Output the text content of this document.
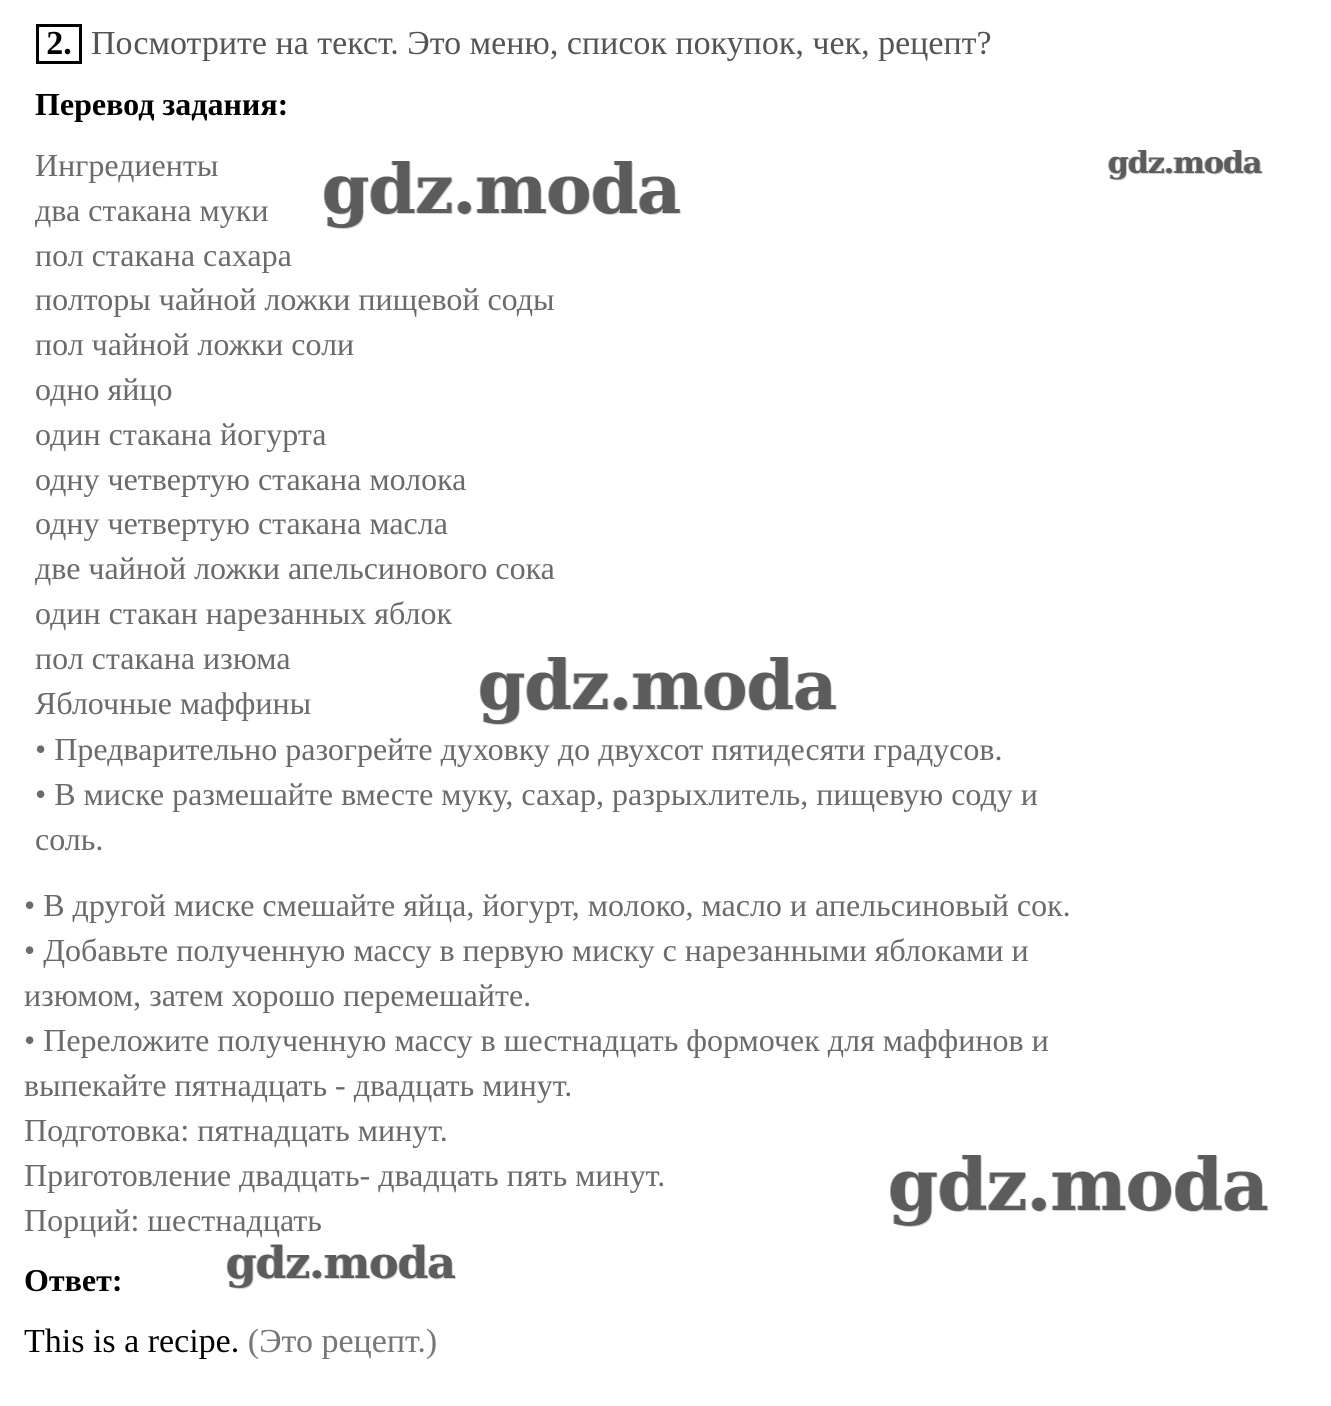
2. Посмотрите на текст. Это меню, список покупок, чек, рецепт?
Перевод задания:
Ингредиенты
два стакана муки
пол стакана сахара
полторы чайной ложки пищевой соды
пол чайной ложки соли
одно яйцо
один стакана йогурта
одну четвертую стакана молока
одну четвертую стакана масла
две чайной ложки апельсинового сока
один стакан нарезанных яблок
пол стакана изюма
Яблочные маффины
• Предварительно разогрейте духовку до двухсот пятидесяти градусов.
• В миске размешайте вместе муку, сахар, разрыхлитель, пищевую соду и
соль.
• В другой миске смешайте яйца, йогурт, молоко, масло и апельсиновый сок.
• Добавьте полученную массу в первую миску с нарезанными яблоками и
изюмом, затем хорошо перемешайте.
• Переложите полученную массу в шестнадцать формочек для маффинов и
выпекайте пятнадцать - двадцать минут.
Подготовка: пятнадцать минут.
Приготовление двадцать- двадцать пять минут.
Порций: шестнадцать
Ответ:
This is a recipe. (Это рецепт.)
gdz.moda	gdz.moda
gdz.moda
gdz.moda
gdz.moda
